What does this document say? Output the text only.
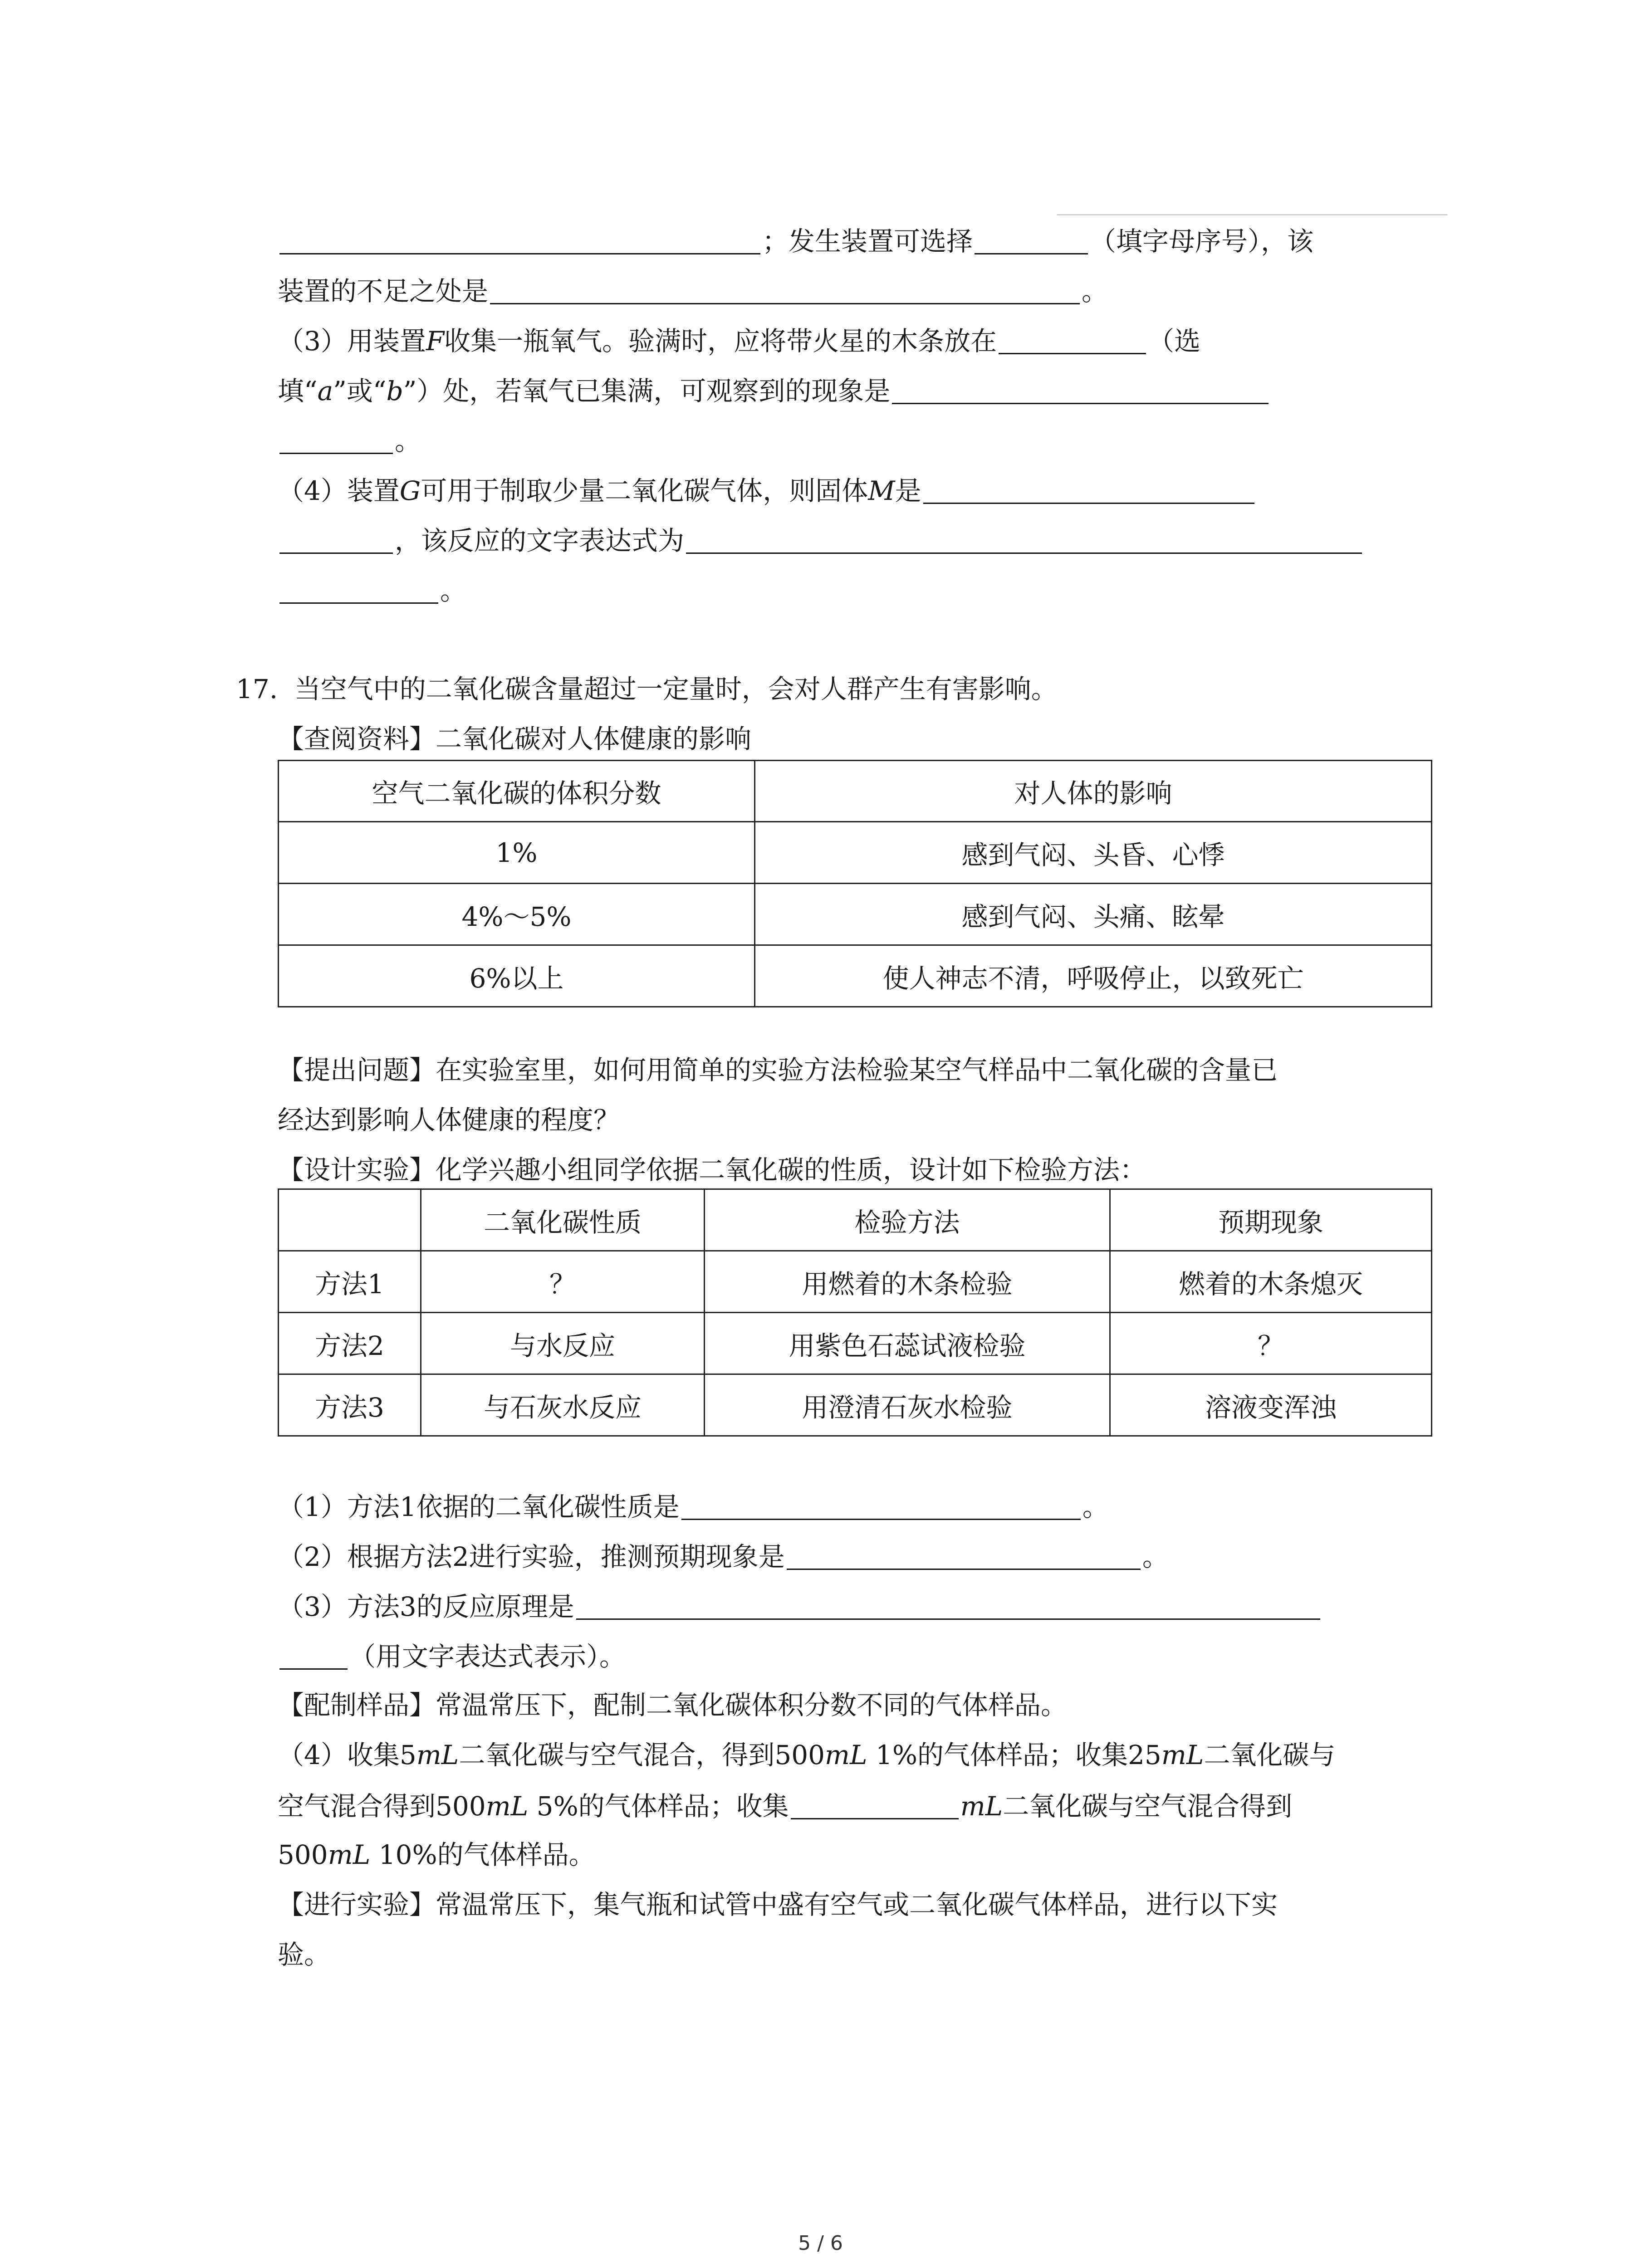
；发生装置可选择	（填字母序号），该
装置的不足之处是	。
（3）用装置F收集一瓶氧气。验满时，应将带火星的木条放在	（选
填“a”或“b”）处，若氧气已集满，可观察到的现象是
。
（4）装置G可用于制取少量二氧化碳气体，则固体M是
，该反应的文字表达式为
。
17. 当空气中的二氧化碳含量超过一定量时，会对人群产生有害影响。
【查阅资料】二氧化碳对人体健康的影响
空气二氧化碳的体积分数	对人体的影响
1%	感到气闷、头昏、心悸
4%～5%	感到气闷、头痛、眩晕
6%以上	使人神志不清，呼吸停止，以致死亡
【提出问题】在实验室里，如何用简单的实验方法检验某空气样品中二氧化碳的含量已
经达到影响人体健康的程度？
【设计实验】化学兴趣小组同学依据二氧化碳的性质，设计如下检验方法：
	二氧化碳性质	检验方法	预期现象
方法1	？	用燃着的木条检验	燃着的木条熄灭
方法2	与水反应	用紫色石蕊试液检验	？
方法3	与石灰水反应	用澄清石灰水检验	溶液变浑浊
（1）方法1依据的二氧化碳性质是	。
（2）根据方法2进行实验，推测预期现象是	。
（3）方法3的反应原理是
（用文字表达式表示）。
【配制样品】常温常压下，配制二氧化碳体积分数不同的气体样品。
（4）收集5mL二氧化碳与空气混合，得到500mL 1%的气体样品；收集25mL二氧化碳与
空气混合得到500mL 5%的气体样品；收集	mL二氧化碳与空气混合得到
500mL 10%的气体样品。
【进行实验】常温常压下，集气瓶和试管中盛有空气或二氧化碳气体样品，进行以下实
验。
5 / 6
